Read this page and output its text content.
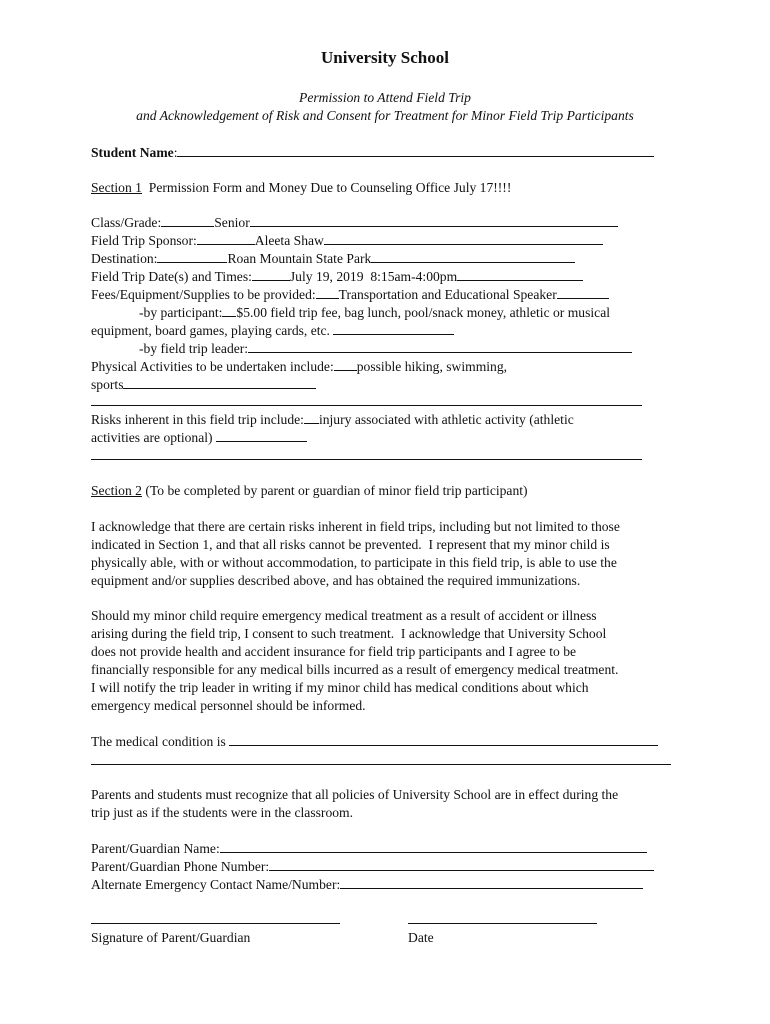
University School
Permission to Attend Field Trip
and Acknowledgement of Risk and Consent for Treatment for Minor Field Trip Participants
Student Name:
Section 1  Permission Form and Money Due to Counseling Office July 17!!!!
Class/Grade:	Senior
Field Trip Sponsor:	Aleeta Shaw
Destination:	Roan Mountain State Park
Field Trip Date(s) and Times:	July 19, 2019  8:15am-4:00pm
Fees/Equipment/Supplies to be provided: Transportation and Educational Speaker
-by participant: $5.00 field trip fee, bag lunch, pool/snack money, athletic or musical
equipment, board games, playing cards, etc.
-by field trip leader:
Physical Activities to be undertaken include: possible hiking, swimming,
sports
Risks inherent in this field trip include: injury associated with athletic activity (athletic
activities are optional)
Section 2 (To be completed by parent or guardian of minor field trip participant)
I acknowledge that there are certain risks inherent in field trips, including but not limited to those
indicated in Section 1, and that all risks cannot be prevented.  I represent that my minor child is
physically able, with or without accommodation, to participate in this field trip, is able to use the
equipment and/or supplies described above, and has obtained the required immunizations.
Should my minor child require emergency medical treatment as a result of accident or illness
arising during the field trip, I consent to such treatment.  I acknowledge that University School
does not provide health and accident insurance for field trip participants and I agree to be
financially responsible for any medical bills incurred as a result of emergency medical treatment.
I will notify the trip leader in writing if my minor child has medical conditions about which
emergency medical personnel should be informed.
The medical condition is
Parents and students must recognize that all policies of University School are in effect during the
trip just as if the students were in the classroom.
Parent/Guardian Name:
Parent/Guardian Phone Number:
Alternate Emergency Contact Name/Number:
Signature of Parent/Guardian	Date
